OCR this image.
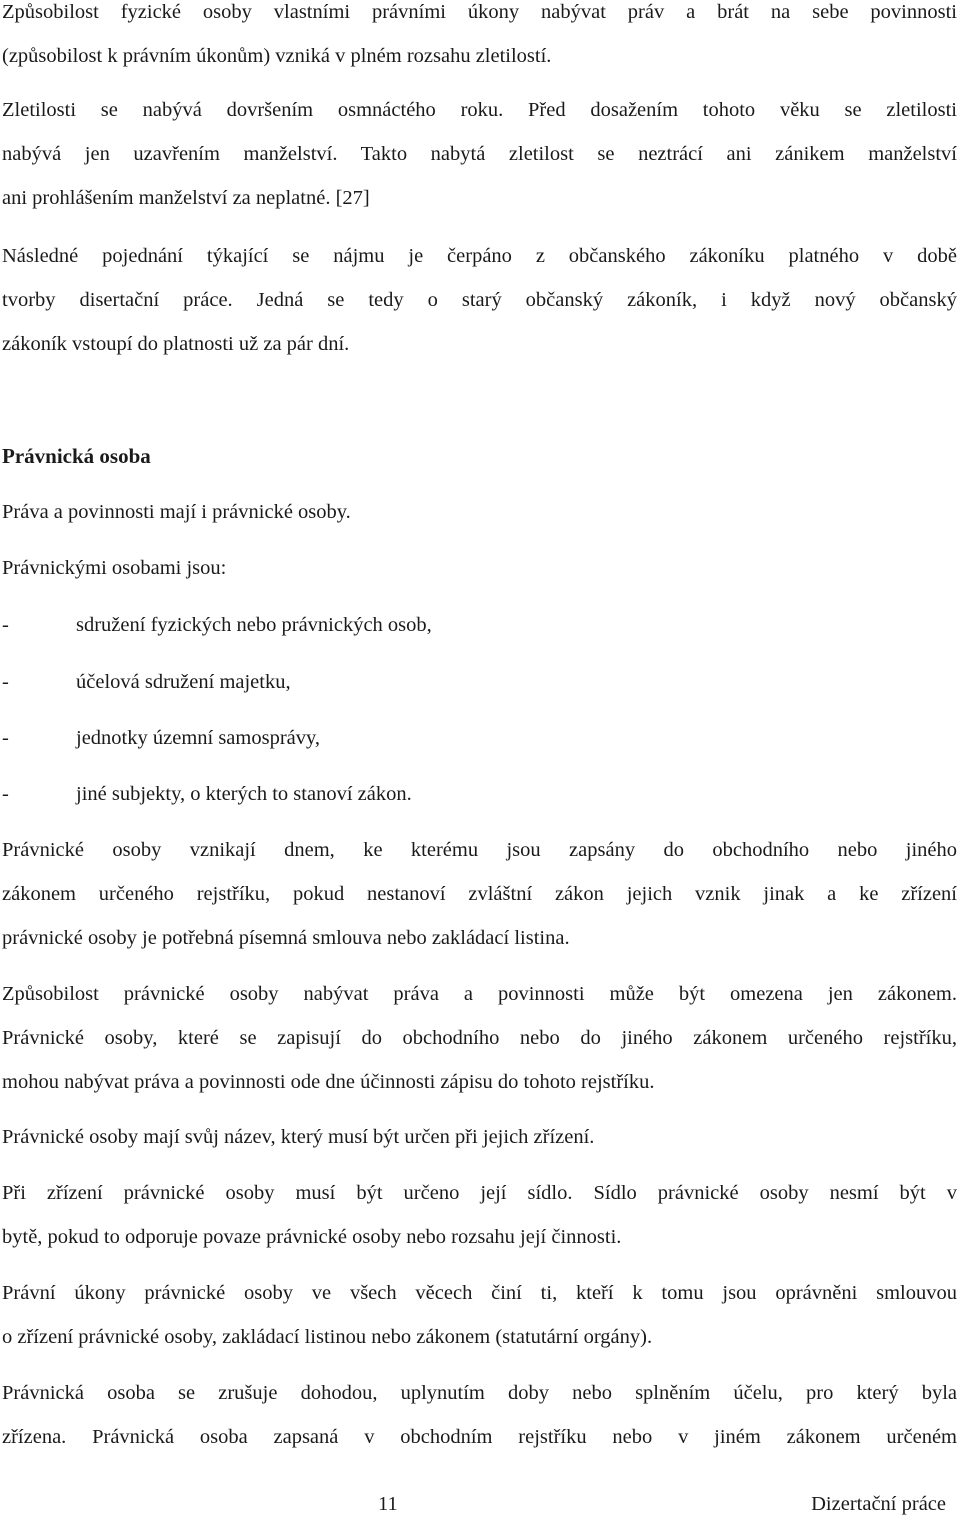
Způsobilost fyzické osoby vlastními právními úkony nabývat práv a brát na sebe povinnosti
(způsobilost k právním úkonům) vzniká v plném rozsahu zletilostí.

Zletilosti se nabývá dovršením osmnáctého roku. Před dosažením tohoto věku se zletilosti
nabývá jen uzavřením manželství. Takto nabytá zletilost se neztrácí ani zánikem manželství
ani prohlášením manželství za neplatné. [27]

Následné pojednání týkající se nájmu je čerpáno z občanského zákoníku platného v době
tvorby disertační práce. Jedná se tedy o starý občanský zákoník, i když nový občanský
zákoník vstoupí do platnosti už za pár dní.

Právnická osoba

Práva a povinnosti mají i právnické osoby.

Právnickými osobami jsou:

-	sdružení fyzických nebo právnických osob,

-	účelová sdružení majetku,

-	jednotky územní samosprávy,

-	jiné subjekty, o kterých to stanoví zákon.

Právnické osoby vznikají dnem, ke kterému jsou zapsány do obchodního nebo jiného
zákonem určeného rejstříku, pokud nestanoví zvláštní zákon jejich vznik jinak a ke zřízení
právnické osoby je potřebná písemná smlouva nebo zakládací listina.

Způsobilost právnické osoby nabývat práva a povinnosti může být omezena jen zákonem.
Právnické osoby, které se zapisují do obchodního nebo do jiného zákonem určeného rejstříku,
mohou nabývat práva a povinnosti ode dne účinnosti zápisu do tohoto rejstříku.

Právnické osoby mají svůj název, který musí být určen při jejich zřízení.

Při zřízení právnické osoby musí být určeno její sídlo. Sídlo právnické osoby nesmí být v
bytě, pokud to odporuje povaze právnické osoby nebo rozsahu její činnosti.

Právní úkony právnické osoby ve všech věcech činí ti, kteří k tomu jsou oprávněni smlouvou
o zřízení právnické osoby, zakládací listinou nebo zákonem (statutární orgány).

Právnická osoba se zrušuje dohodou, uplynutím doby nebo splněním účelu, pro který byla
zřízena. Právnická osoba zapsaná v obchodním rejstříku nebo v jiném zákonem určeném

11	Dizertační práce
